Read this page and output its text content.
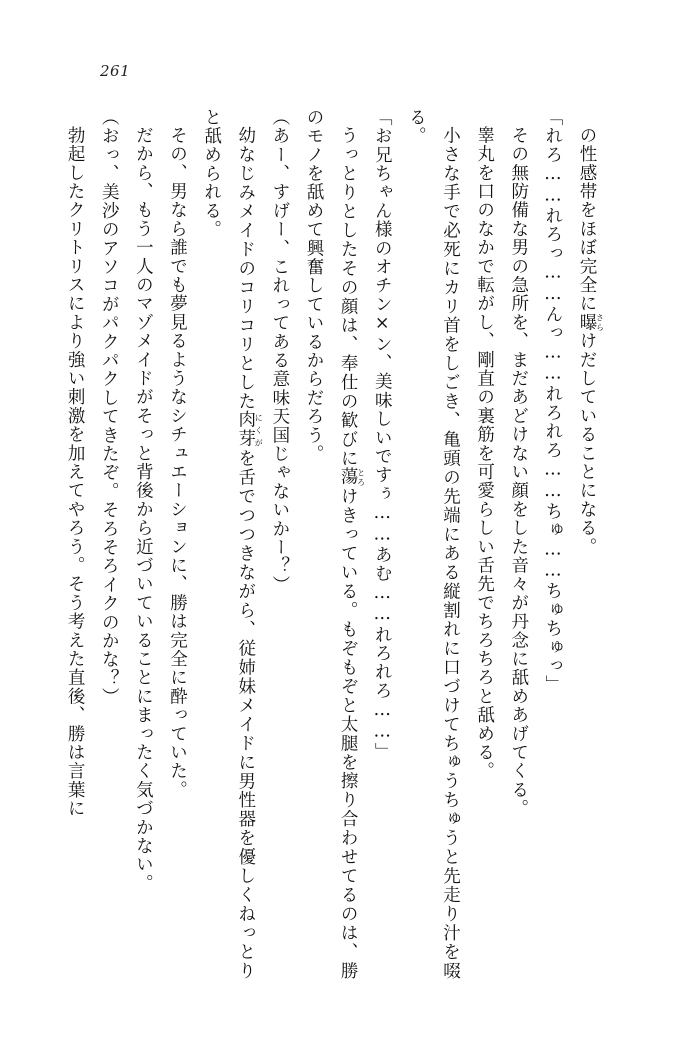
261

の性感帯をほぼ完全に曝さらけだしていることになる。

「れろ……れろっ……んっ……れろれろ……ちゅ……ちゅちゅっ」

その無防備な男の急所を、まだあどけない顔をした音々が丹念に舐めあげてくる。

睾丸を口のなかで転がし、剛直の裏筋を可愛らしい舌先でちろちろと舐める。

小さな手で必死にカリ首をしごき、亀頭の先端にある縦割れに口づけてちゅうちゅうと先走り汁を啜る。

「お兄ちゃん様のオチン×ン、美味しいですぅ……あむ……れろれろ……」

うっとりとしたその顔は、奉仕の歓びに蕩とろけきっている。もぞもぞと太腿を擦り合わせてるのは、勝のモノを舐めて興奮しているからだろう。

（あー、すげー、これってある意味天国じゃないかー？）

幼なじみメイドのコリコリとした肉芽にくがを舌でつつきながら、従姉妹メイドに男性器を優しくねっとりと舐められる。

その、男なら誰でも夢見るようなシチュエーションに、勝は完全に酔っていた。

だから、もう一人のマゾメイドがそっと背後から近づいていることにまったく気づかない。

（おっ、美沙のアソコがパクパクしてきたぞ。そろそろイクのかな？）

勃起したクリトリスにより強い刺激を加えてやろう。そう考えた直後、勝は言葉に
